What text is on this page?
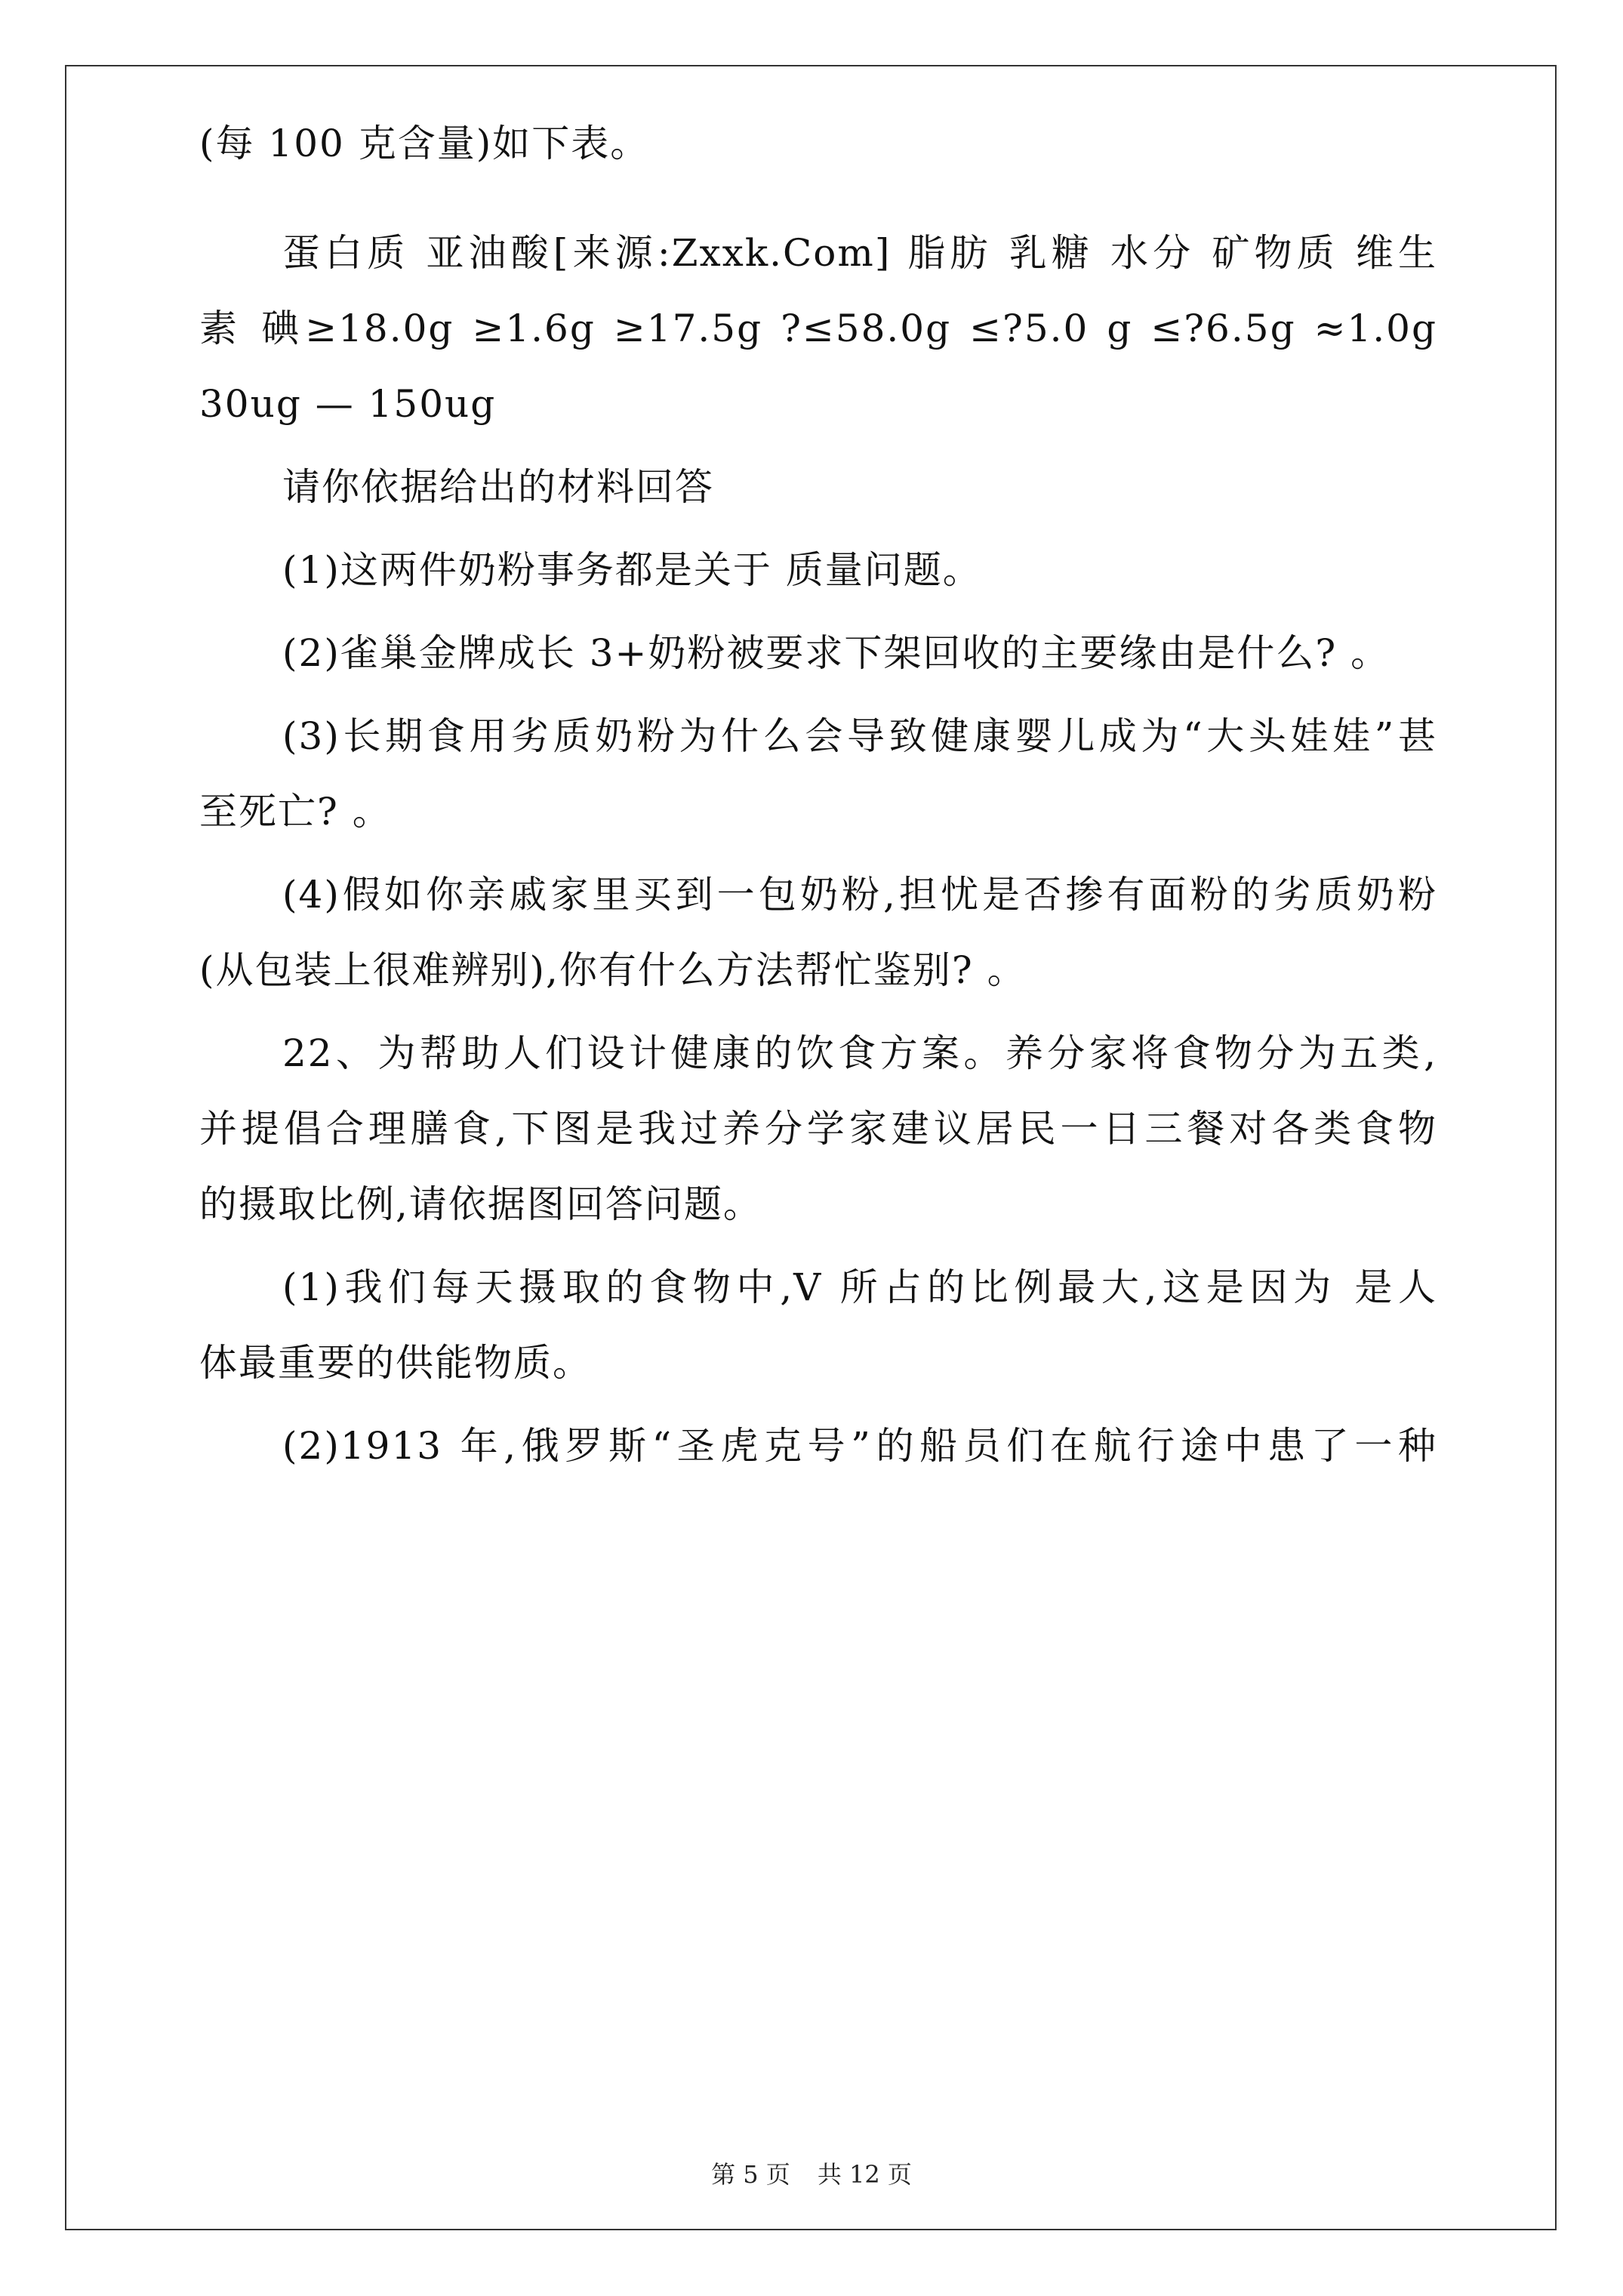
(每 100 克含量)如下表。
蛋白质 亚油酸[来源:Zxxk.Com] 脂肪 乳糖 水分 矿物质 维生
素 碘≥18.0g ≥1.6g ≥17.5g ?≤58.0g ≤?5.0 g ≤?6.5g ≈1.0g
30ug — 150ug
请你依据给出的材料回答
(1)这两件奶粉事务都是关于 质量问题。
(2)雀巢金牌成长 3+奶粉被要求下架回收的主要缘由是什么? 。
(3)长期食用劣质奶粉为什么会导致健康婴儿成为“大头娃娃”甚
至死亡? 。
(4)假如你亲戚家里买到一包奶粉,担忧是否掺有面粉的劣质奶粉
(从包装上很难辨别),你有什么方法帮忙鉴别? 。
22、为帮助人们设计健康的饮食方案。养分家将食物分为五类,
并提倡合理膳食,下图是我过养分学家建议居民一日三餐对各类食物
的摄取比例,请依据图回答问题。
(1)我们每天摄取的食物中,V 所占的比例最大,这是因为 是人
体最重要的供能物质。
(2)1913 年,俄罗斯“圣虎克号”的船员们在航行途中患了一种
第 5 页 共 12 页
